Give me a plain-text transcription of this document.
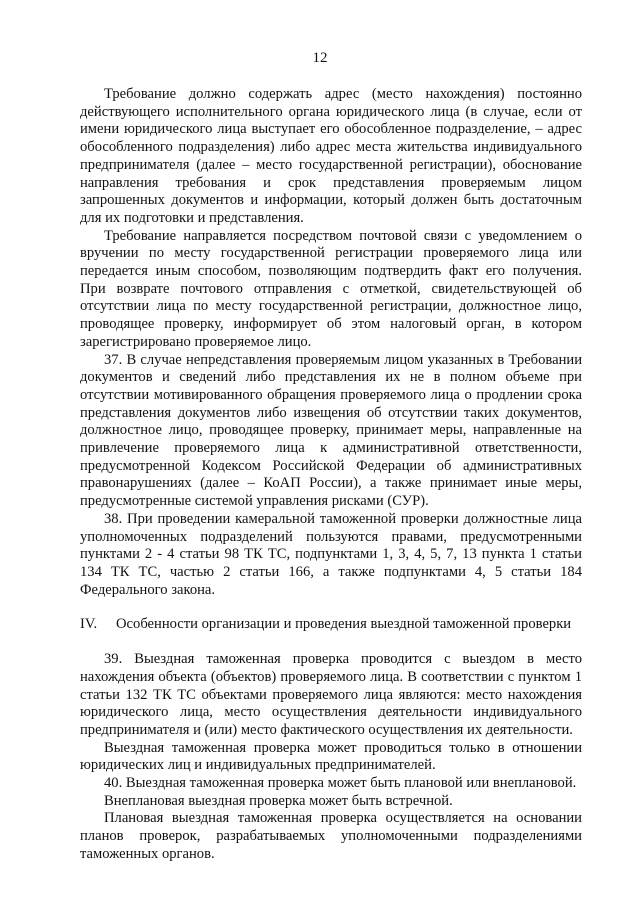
12

Требование должно содержать адрес (место нахождения) постоянно действующего исполнительного органа юридического лица (в случае, если от имени юридического лица выступает его обособленное подразделение, – адрес обособленного подразделения) либо адрес места жительства индивидуального предпринимателя (далее – место государственной регистрации), обоснование направления требования и срок представления проверяемым лицом запрошенных документов и информации, который должен быть достаточным для их подготовки и представления.

Требование направляется посредством почтовой связи с уведомлением о вручении по месту государственной регистрации проверяемого лица или передается иным способом, позволяющим подтвердить факт его получения. При возврате почтового отправления с отметкой, свидетельствующей об отсутствии лица по месту государственной регистрации, должностное лицо, проводящее проверку, информирует об этом налоговый орган, в котором зарегистрировано проверяемое лицо.

37. В случае непредставления проверяемым лицом указанных в Требовании документов и сведений либо представления их не в полном объеме при отсутствии мотивированного обращения проверяемого лица о продлении срока представления документов либо извещения об отсутствии таких документов, должностное лицо, проводящее проверку, принимает меры, направленные на привлечение проверяемого лица к административной ответственности, предусмотренной Кодексом Российской Федерации об административных правонарушениях (далее – КоАП России), а также принимает иные меры, предусмотренные системой управления рисками (СУР).

38. При проведении камеральной таможенной проверки должностные лица уполномоченных подразделений пользуются правами, предусмотренными пунктами 2 - 4 статьи 98 ТК ТС, подпунктами 1, 3, 4, 5, 7, 13 пункта 1 статьи 134 ТК ТС, частью 2 статьи 166, а также подпунктами 4, 5 статьи 184 Федерального закона.

IV.	Особенности организации и проведения выездной таможенной проверки

39. Выездная таможенная проверка проводится с выездом в место нахождения объекта (объектов) проверяемого лица. В соответствии с пунктом 1 статьи 132 ТК ТС объектами проверяемого лица являются: место нахождения юридического лица, место осуществления деятельности индивидуального предпринимателя и (или) место фактического осуществления их деятельности.

Выездная таможенная проверка может проводиться только в отношении юридических лиц и индивидуальных предпринимателей.

40. Выездная таможенная проверка может быть плановой или внеплановой.

Внеплановая выездная проверка может быть встречной.

Плановая выездная таможенная проверка осуществляется на основании планов проверок, разрабатываемых уполномоченными подразделениями таможенных органов.
